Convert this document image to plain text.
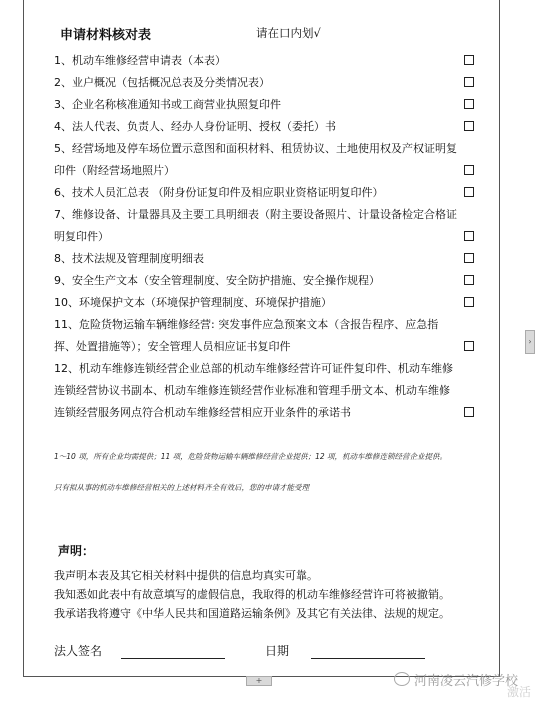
›
+
申请材料核对表	请在口内划√
1、机动车维修经营申请表（本表）
2、业户概况（包括概况总表及分类情况表）
3、企业名称核准通知书或工商营业执照复印件
4、法人代表、负责人、经办人身份证明、授权（委托）书
5、经营场地及停车场位置示意图和面积材料、租赁协议、土地使用权及产权证明复印件（附经营场地照片）
6、技术人员汇总表 （附身份证复印件及相应职业资格证明复印件）
7、维修设备、计量器具及主要工具明细表（附主要设备照片、计量设备检定合格证明复印件）
8、技术法规及管理制度明细表
9、安全生产文本（安全管理制度、安全防护措施、安全操作规程）
10、环境保护文本（环境保护管理制度、环境保护措施）
11、危险货物运输车辆维修经营: 突发事件应急预案文本（含报告程序、应急指挥、处置措施等）；安全管理人员相应证书复印件
12、机动车维修连锁经营企业总部的机动车维修经营许可证件复印件、机动车维修连锁经营协议书副本、机动车维修连锁经营作业标准和管理手册文本、机动车维修连锁经营服务网点符合机动车维修经营相应开业条件的承诺书
1～10 项，所有企业均需提供；11 项，危险货物运输车辆维修经营企业提供；12 项，机动车维修连锁经营企业提供。
只有拟从事的机动车维修经营相关的上述材料齐全有效后，您的申请才能受理
声明：
我声明本表及其它相关材料中提供的信息均真实可靠。
我知悉如此表中有故意填写的虚假信息，我取得的机动车维修经营许可将被撤销。
我承诺我将遵守《中华人民共和国道路运输条例》及其它有关法律、法规的规定。
法人签名	日期
河南凌云汽修学校
激活
